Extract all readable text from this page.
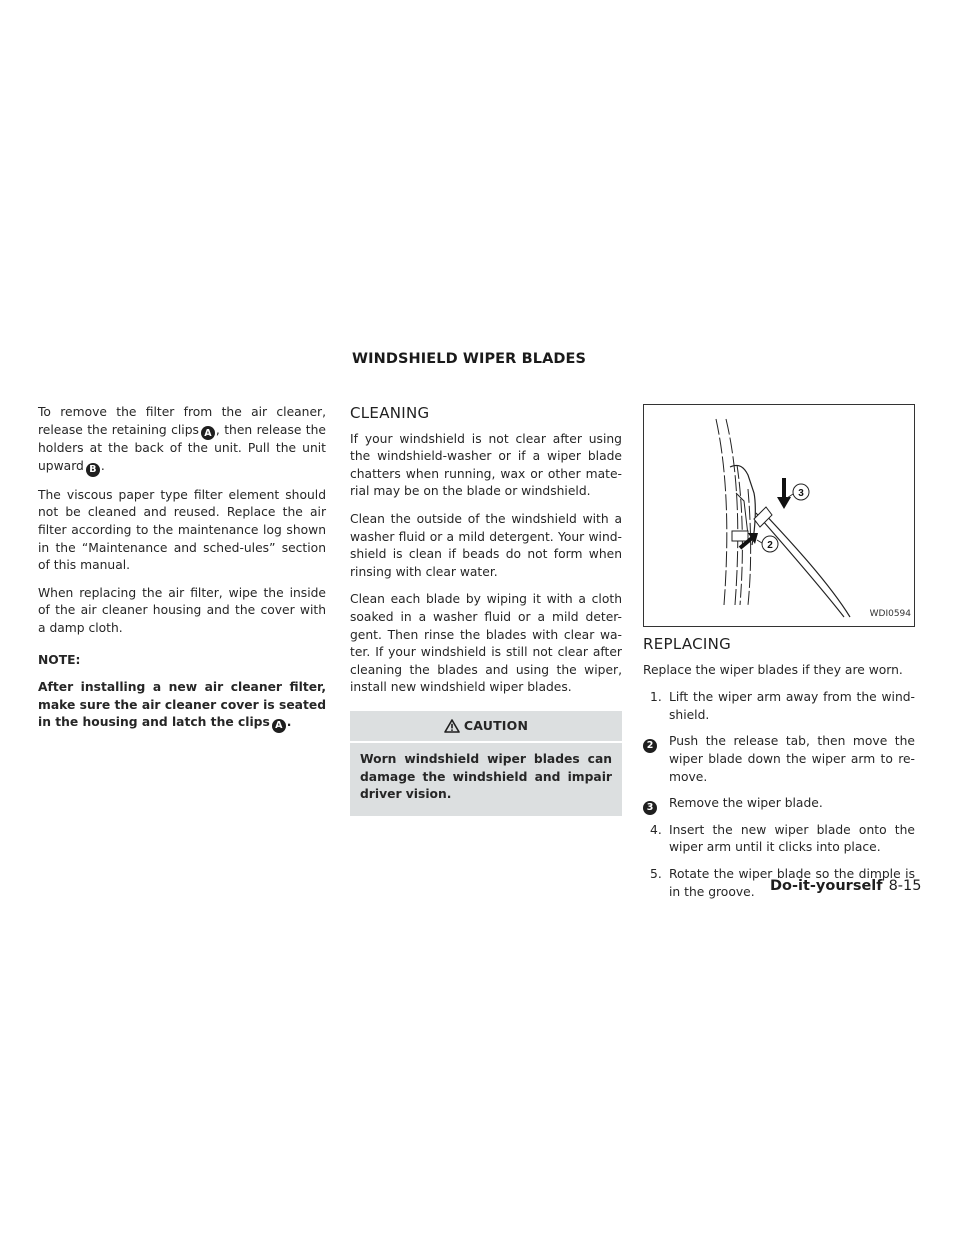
WINDSHIELD WIPER BLADES

To remove the filter from the air cleaner, release the retaining clips A , then release the holders at the back of the unit. Pull the unit upward B .

The viscous paper type filter element should not be cleaned and reused. Replace the air filter according to the maintenance log shown in the “Maintenance and sched-ules” section of this manual.

When replacing the air filter, wipe the inside of the air cleaner housing and the cover with a damp cloth.

NOTE:

After installing a new air cleaner filter, make sure the air cleaner cover is seated in the housing and latch the clips A .

CLEANING

If your windshield is not clear after using the windshield-washer or if a wiper blade chatters when running, wax or other mate-rial may be on the blade or windshield.

Clean the outside of the windshield with a washer fluid or a mild detergent. Your wind-shield is clean if beads do not form when rinsing with clear water.

Clean each blade by wiping it with a cloth soaked in a washer fluid or a mild deter-gent. Then rinse the blades with clear wa-ter. If your windshield is still not clear after cleaning the blades and using the wiper, install new windshield wiper blades.

CAUTION
Worn windshield wiper blades can damage the windshield and impair driver vision.
3
2
WDI0594
REPLACING

Replace the wiper blades if they are worn.

1. Lift the wiper arm away from the wind-shield.
2 Push the release tab, then move the wiper blade down the wiper arm to re-move.
3 Remove the wiper blade.
4. Insert the new wiper blade onto the wiper arm until it clicks into place.
5. Rotate the wiper blade so the dimple is in the groove.	Do-it-yourself 8-15
